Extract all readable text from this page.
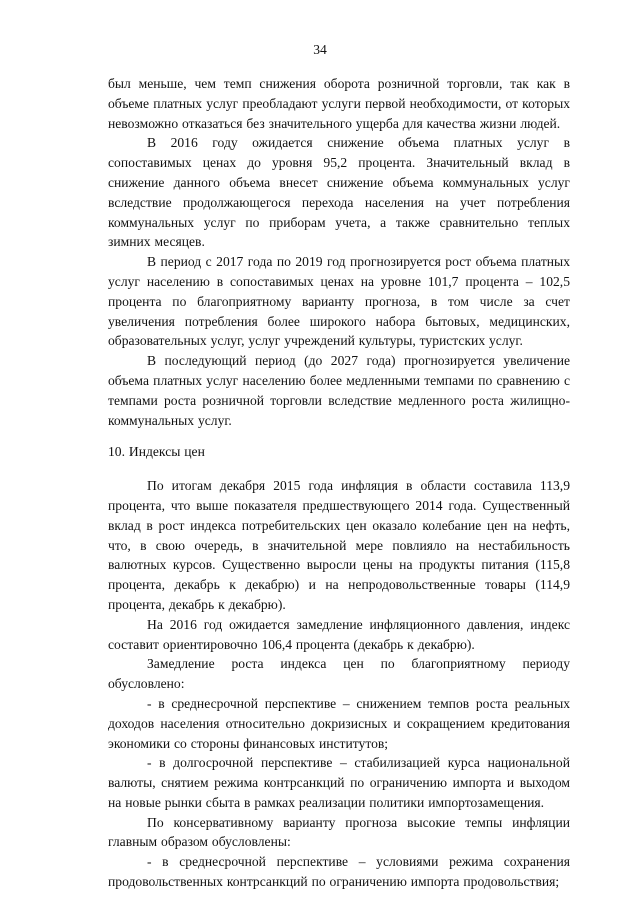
34

был меньше, чем темп снижения оборота розничной торговли, так как в объеме платных услуг преобладают услуги первой необходимости, от которых невозможно отказаться без значительного ущерба для качества жизни людей.

В 2016 году ожидается снижение объема платных услуг в сопоставимых ценах до уровня 95,2 процента. Значительный вклад в снижение данного объема внесет снижение объема коммунальных услуг вследствие продолжающегося перехода населения на учет потребления коммунальных услуг по приборам учета, а также сравнительно теплых зимних месяцев.

В период с 2017 года по 2019 год прогнозируется рост объема платных услуг населению в сопоставимых ценах на уровне 101,7 процента – 102,5 процента по благоприятному варианту прогноза, в том числе за счет увеличения потребления более широкого набора бытовых, медицинских, образовательных услуг, услуг учреждений культуры, туристских услуг.

В последующий период (до 2027 года) прогнозируется увеличение объема платных услуг населению более медленными темпами по сравнению с темпами роста розничной торговли вследствие медленного роста жилищно-коммунальных услуг.

10. Индексы цен

По итогам декабря 2015 года инфляция в области составила 113,9 процента, что выше показателя предшествующего 2014 года. Существенный вклад в рост индекса потребительских цен оказало колебание цен на нефть, что, в свою очередь, в значительной мере повлияло на нестабильность валютных курсов. Существенно выросли цены на продукты питания (115,8 процента, декабрь к декабрю) и на непродовольственные товары (114,9 процента, декабрь к декабрю).

На 2016 год ожидается замедление инфляционного давления, индекс составит ориентировочно 106,4 процента (декабрь к декабрю).

Замедление роста индекса цен по благоприятному периоду обусловлено:

- в среднесрочной перспективе – снижением темпов роста реальных доходов населения относительно докризисных и сокращением кредитования экономики со стороны финансовых институтов;

- в долгосрочной перспективе – стабилизацией курса национальной валюты, снятием режима контрсанкций по ограничению импорта и выходом на новые рынки сбыта в рамках реализации политики импортозамещения.

По консервативному варианту прогноза высокие темпы инфляции главным образом обусловлены:

- в среднесрочной перспективе – условиями режима сохранения продовольственных контрсанкций по ограничению импорта продовольствия;
